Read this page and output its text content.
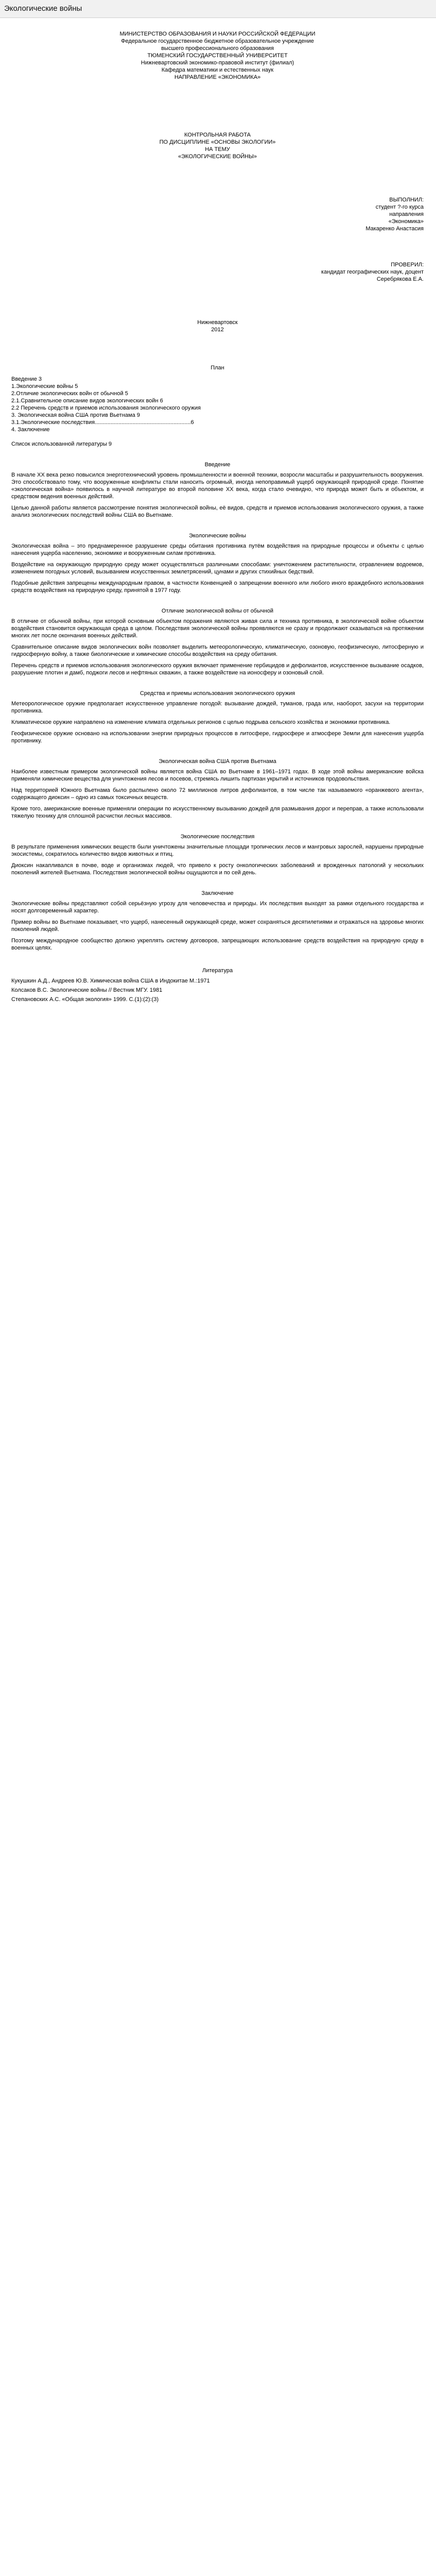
Экологические войны
МИНИСТЕРСТВО ОБРАЗОВАНИЯ И НАУКИ РОССИЙСКОЙ ФЕДЕРАЦИИ
Федеральное государственное бюджетное образовательное учреждение
высшего профессионального образования
ТЮМЕНСКИЙ ГОСУДАРСТВЕННЫЙ УНИВЕРСИТЕТ
Нижневартовский экономико-правовой институт (филиал)
Кафедра математики и естественных наук
НАПРАВЛЕНИЕ «ЭКОНОМИКА»
КОНТРОЛЬНАЯ РАБОТА
ПО ДИСЦИПЛИНЕ «ОСНОВЫ ЭКОЛОГИИ»
НА ТЕМУ
«ЭКОЛОГИЧЕСКИЕ ВОЙНЫ»
ВЫПОЛНИЛ:
студент ?-го курса
направления
«Экономика»
Макаренко Анастасия
ПРОВЕРИЛ:
кандидат географических наук, доцент
Серебрякова Е.А.
Нижневартовск
2012
План
Введение 3
1.Экологические войны 5
2.Отличие экологических войн от обычной 5
2.1.Сравнительное описание видов экологических войн 6
2.2 Перечень средств и приемов использования экологического оружия
3. Экологическая война США против Вьетнама 9
3.1.Экологические последствия.............................................................6
4. Заключение
Список использованной литературы 9
Введение

В начале XX века резко повысился энерготехнический уровень промышленности и военной техники, возросли масштабы и разрушительность вооружения. Это способствовало тому, что вооруженные конфликты стали наносить огромный, иногда непоправимый ущерб окружающей природной среде. Понятие «экологическая война» появилось в научной литературе во второй половине XX века, когда стало очевидно, что природа может быть и объектом, и средством ведения военных действий.

Целью данной работы является рассмотрение понятия экологической войны, её видов, средств и приемов использования экологического оружия, а также анализ экологических последствий войны США во Вьетнаме.

Экологические войны

Экологическая война – это преднамеренное разрушение среды обитания противника путём воздействия на природные процессы и объекты с целью нанесения ущерба населению, экономике и вооруженным силам противника.

Воздействие на окружающую природную среду может осуществляться различными способами: уничтожением растительности, отравлением водоемов, изменением погодных условий, вызыванием искусственных землетрясений, цунами и других стихийных бедствий.

Подобные действия запрещены международным правом, в частности Конвенцией о запрещении военного или любого иного враждебного использования средств воздействия на природную среду, принятой в 1977 году.

Отличие экологической войны от обычной

В отличие от обычной войны, при которой основным объектом поражения являются живая сила и техника противника, в экологической войне объектом воздействия становится окружающая среда в целом. Последствия экологической войны проявляются не сразу и продолжают сказываться на протяжении многих лет после окончания военных действий.

Сравнительное описание видов экологических войн позволяет выделить метеорологическую, климатическую, озоновую, геофизическую, литосферную и гидросферную войну, а также биологические и химические способы воздействия на среду обитания.

Перечень средств и приемов использования экологического оружия включает применение гербицидов и дефолиантов, искусственное вызывание осадков, разрушение плотин и дамб, поджоги лесов и нефтяных скважин, а также воздействие на ионосферу и озоновый слой.

Средства и приемы использования экологического оружия

Метеорологическое оружие предполагает искусственное управление погодой: вызывание дождей, туманов, града или, наоборот, засухи на территории противника.

Климатическое оружие направлено на изменение климата отдельных регионов с целью подрыва сельского хозяйства и экономики противника.

Геофизическое оружие основано на использовании энергии природных процессов в литосфере, гидросфере и атмосфере Земли для нанесения ущерба противнику.

Экологическая война США против Вьетнама

Наиболее известным примером экологической войны является война США во Вьетнаме в 1961–1971 годах. В ходе этой войны американские войска применяли химические вещества для уничтожения лесов и посевов, стремясь лишить партизан укрытий и источников продовольствия.

Над территорией Южного Вьетнама было распылено около 72 миллионов литров дефолиантов, в том числе так называемого «оранжевого агента», содержащего диоксин – одно из самых токсичных веществ.

Кроме того, американские военные применяли операции по искусственному вызыванию дождей для размывания дорог и переправ, а также использовали тяжелую технику для сплошной расчистки лесных массивов.

Экологические последствия

В результате применения химических веществ были уничтожены значительные площади тропических лесов и мангровых зарослей, нарушены природные экосистемы, сократилось количество видов животных и птиц.

Диоксин накапливался в почве, воде и организмах людей, что привело к росту онкологических заболеваний и врожденных патологий у нескольких поколений жителей Вьетнама. Последствия экологической войны ощущаются и по сей день.

Заключение

Экологические войны представляют собой серьёзную угрозу для человечества и природы. Их последствия выходят за рамки отдельного государства и носят долговременный характер.

Пример войны во Вьетнаме показывает, что ущерб, нанесенный окружающей среде, может сохраняться десятилетиями и отражаться на здоровье многих поколений людей.

Поэтому международное сообщество должно укреплять систему договоров, запрещающих использование средств воздействия на природную среду в военных целях.

Литература

Кукушкин А.Д., Андреев Ю.В. Химическая война США в Индокитае М.:1971

Колсаков В.С. Экологические войны // Вестник МГУ. 1981

Степановских А.С. «Общая экология» 1999. С.(1):(2):(3)
